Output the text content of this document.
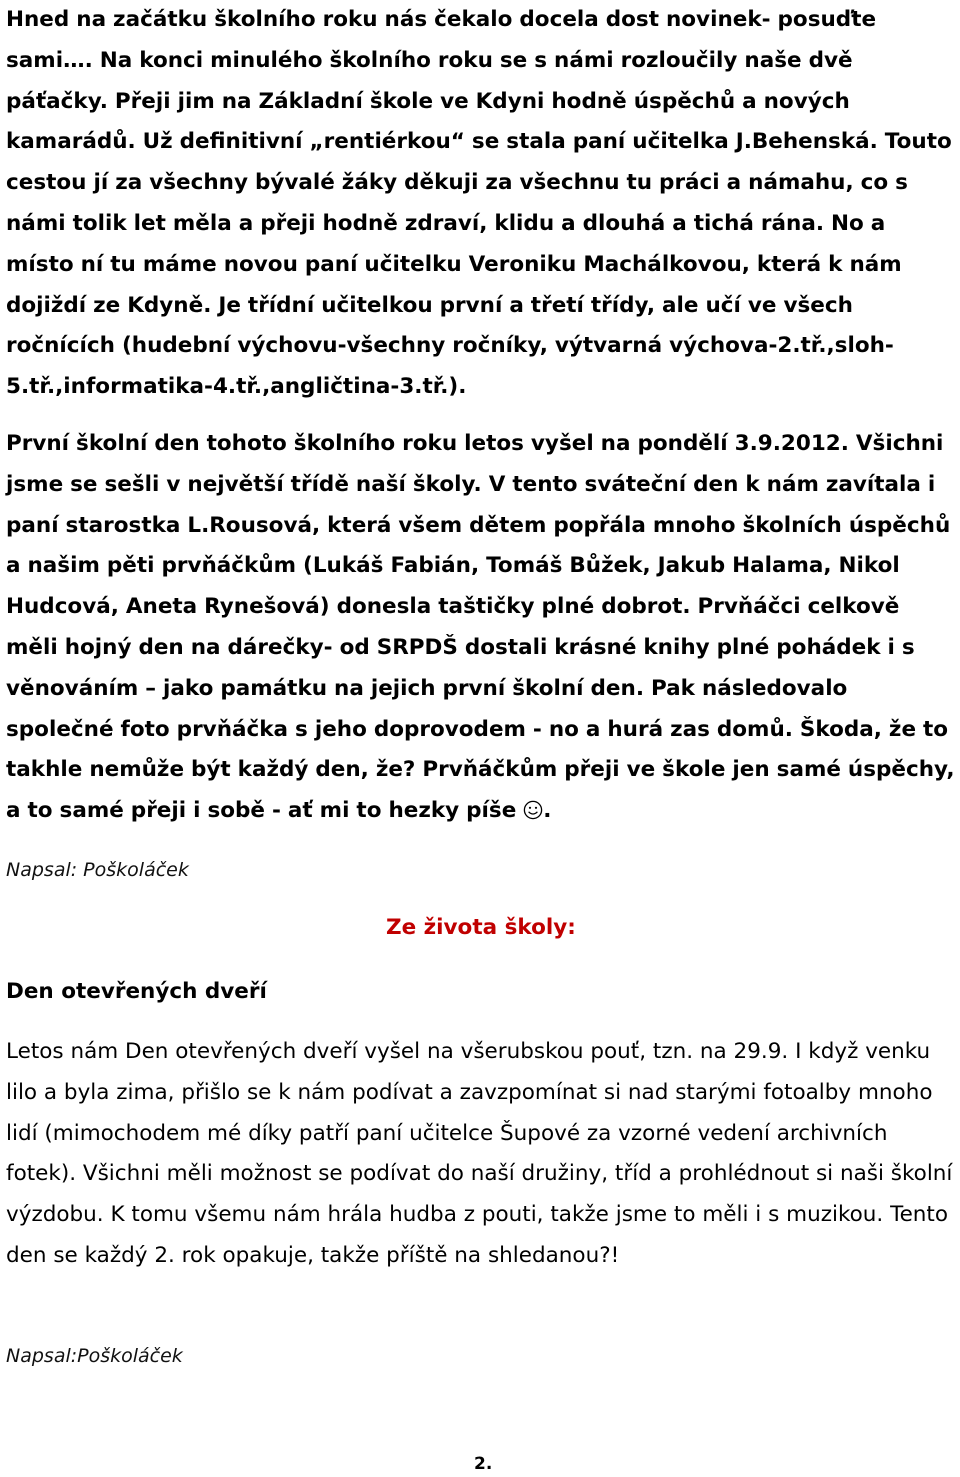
Hned na začátku školního roku nás čekalo docela dost novinek- posuďte sami…. Na konci minulého školního roku se s námi rozloučily naše dvě páťačky. Přeji jim na Základní škole ve Kdyni hodně úspěchů a nových kamarádů. Už definitivní „rentiérkou“ se stala paní učitelka J.Behenská. Touto cestou jí za všechny bývalé žáky děkuji za všechnu tu práci a námahu, co s námi tolik let měla a přeji hodně zdraví, klidu a dlouhá a tichá rána. No a místo ní tu máme novou paní učitelku Veroniku Machálkovou, která k nám dojiždí ze Kdyně. Je třídní učitelkou první a třetí třídy, ale učí ve všech ročnících (hudební výchovu-všechny ročníky, výtvarná výchova-2.tř.,sloh- 5.tř.,informatika-4.tř.,angličtina-3.tř.).

První školní den tohoto školního roku letos vyšel na pondělí 3.9.2012. Všichni jsme se sešli v největší třídě naší školy. V tento sváteční den k nám zavítala i paní starostka L.Rousová, která všem dětem popřála mnoho školních úspěchů a našim pěti prvňáčkům (Lukáš Fabián, Tomáš Bůžek, Jakub Halama, Nikol Hudcová, Aneta Rynešová) donesla taštičky plné dobrot. Prvňáčci celkově měli hojný den na dárečky- od SRPDŠ dostali krásné knihy plné pohádek i s věnováním – jako památku na jejich první školní den. Pak následovalo společné foto prvňáčka s jeho doprovodem - no a hurá zas domů. Škoda, že to takhle nemůže být každý den, že? Prvňáčkům přeji ve škole jen samé úspěchy, a to samé přeji i sobě - ať mi to hezky píše .

Napsal: Poškoláček
Ze života školy:
Den otevřených dveří

Letos nám Den otevřených dveří vyšel na všerubskou pouť, tzn. na 29.9. I když venku lilo a byla zima, přišlo se k nám podívat a zavzpomínat si nad starými fotoalby mnoho lidí (mimochodem mé díky patří paní učitelce Šupové za vzorné vedení archivních fotek). Všichni měli možnost se podívat do naší družiny, tříd a prohlédnout si naši školní výzdobu. K tomu všemu nám hrála hudba z pouti, takže jsme to měli i s muzikou. Tento den se každý 2. rok opakuje, takže příště na shledanou?!

Napsal:Poškoláček
2.
